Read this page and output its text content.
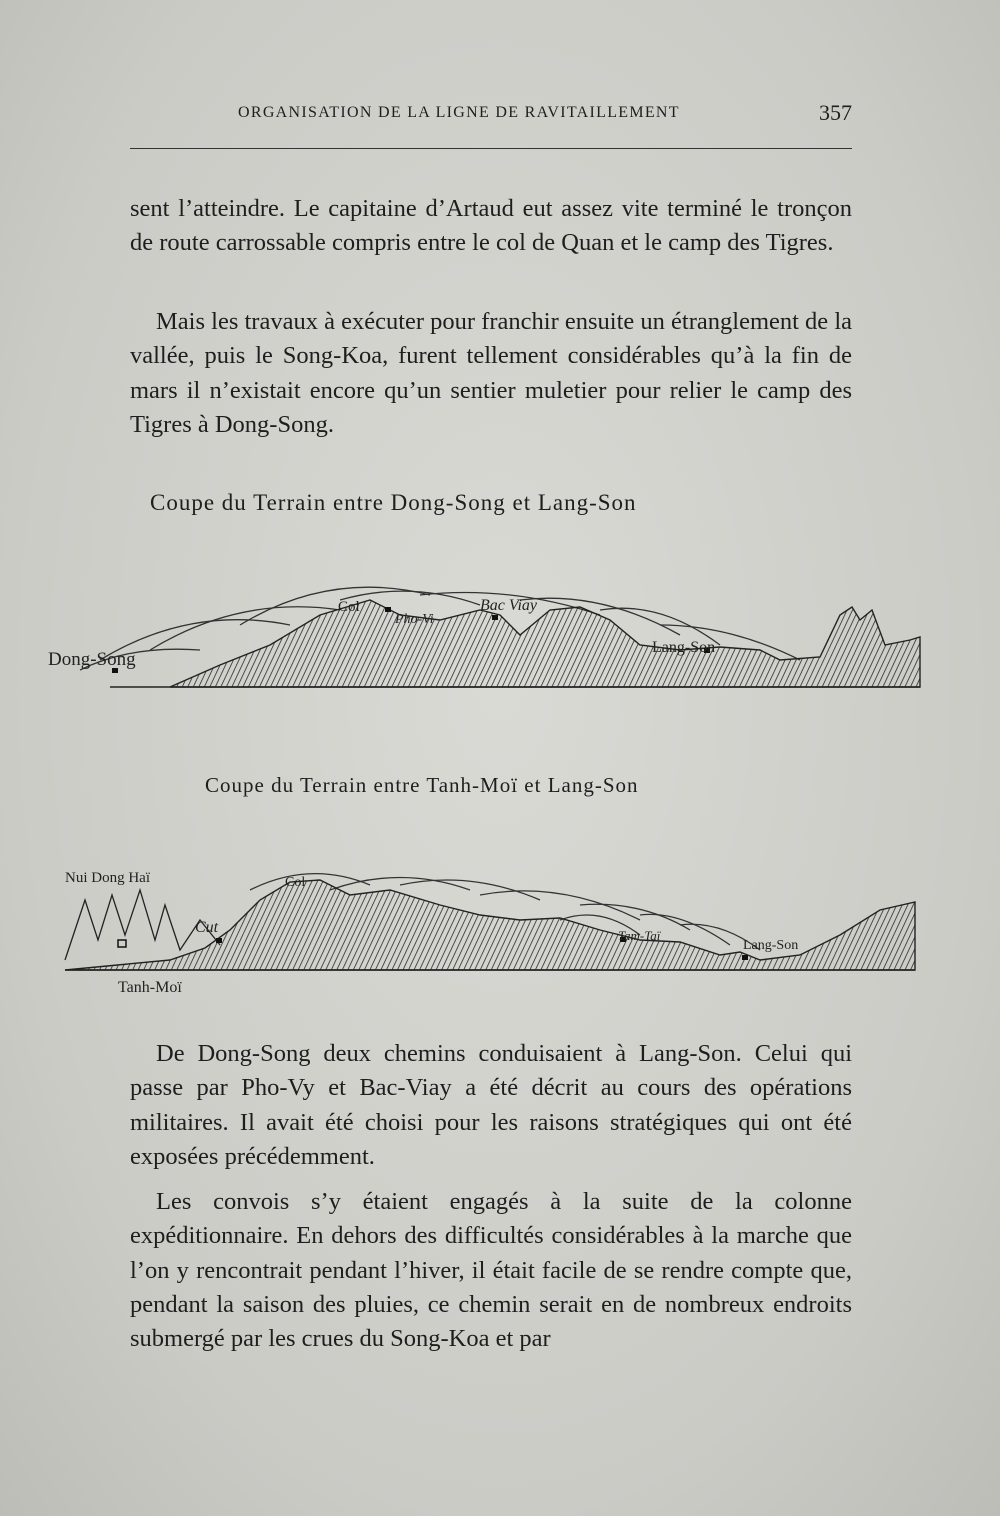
ORGANISATION DE LA LIGNE DE RAVITAILLEMENT	357

sent l’atteindre. Le capitaine d’Artaud eut assez vite terminé le tronçon de route carrossable compris entre le col de Quan et le camp des Tigres.

Mais les travaux à exécuter pour franchir ensuite un étranglement de la vallée, puis le Song-Koa, furent tellement considérables qu’à la fin de mars il n’existait encore qu’un sentier muletier pour relier le camp des Tigres à Dong-Song.

Coupe du Terrain entre Dong-Song et Lang-Son
Dong-Song
Col
Pho-Vi
Bac Viay
Lang-Son
Coupe du Terrain entre Tanh-Moï et Lang-Son
Nui Dong Haï	Col
Cut	Tam-Taï
Lang-Son
Tanh-Moï

De Dong-Song deux chemins conduisaient à Lang-Son. Celui qui passe par Pho-Vy et Bac-Viay a été décrit au cours des opérations militaires. Il avait été choisi pour les raisons stratégiques qui ont été exposées précédemment.

Les convois s’y étaient engagés à la suite de la colonne expéditionnaire. En dehors des difficultés considérables à la marche que l’on y rencontrait pendant l’hiver, il était facile de se rendre compte que, pendant la saison des pluies, ce chemin serait en de nombreux endroits submergé par les crues du Song-Koa et par
